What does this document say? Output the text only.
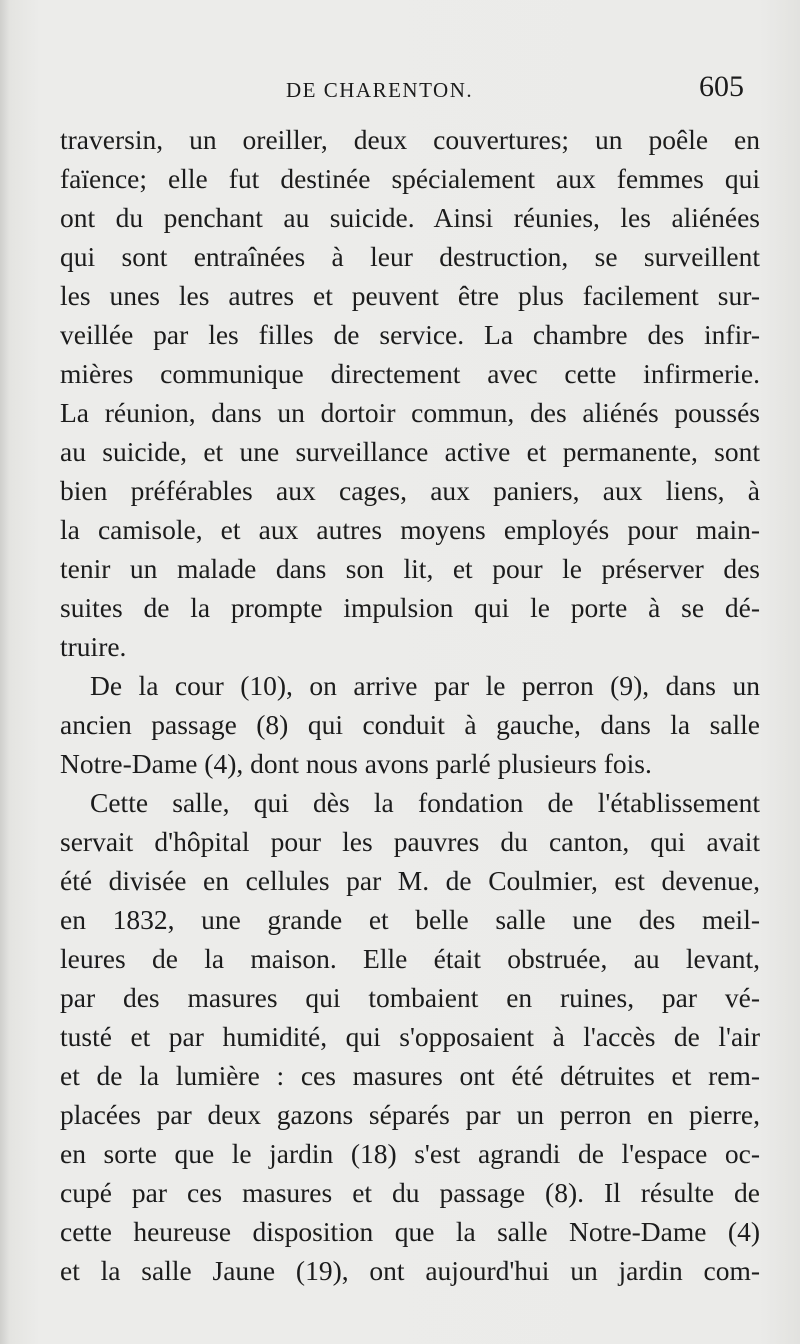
DE CHARENTON.	605
traversin, un oreiller, deux couvertures; un poêle en
faïence; elle fut destinée spécialement aux femmes qui
ont du penchant au suicide. Ainsi réunies, les aliénées
qui sont entraînées à leur destruction, se surveillent
les unes les autres et peuvent être plus facilement sur-
veillée par les filles de service. La chambre des infir-
mières communique directement avec cette infirmerie.
La réunion, dans un dortoir commun, des aliénés poussés
au suicide, et une surveillance active et permanente, sont
bien préférables aux cages, aux paniers, aux liens, à
la camisole, et aux autres moyens employés pour main-
tenir un malade dans son lit, et pour le préserver des
suites de la prompte impulsion qui le porte à se dé-
truire.
De la cour (10), on arrive par le perron (9), dans un
ancien passage (8) qui conduit à gauche, dans la salle
Notre-Dame (4), dont nous avons parlé plusieurs fois.
Cette salle, qui dès la fondation de l'établissement
servait d'hôpital pour les pauvres du canton, qui avait
été divisée en cellules par M. de Coulmier, est devenue,
en 1832, une grande et belle salle une des meil-
leures de la maison. Elle était obstruée, au levant,
par des masures qui tombaient en ruines, par vé-
tusté et par humidité, qui s'opposaient à l'accès de l'air
et de la lumière : ces masures ont été détruites et rem-
placées par deux gazons séparés par un perron en pierre,
en sorte que le jardin (18) s'est agrandi de l'espace oc-
cupé par ces masures et du passage (8). Il résulte de
cette heureuse disposition que la salle Notre-Dame (4)
et la salle Jaune (19), ont aujourd'hui un jardin com-
